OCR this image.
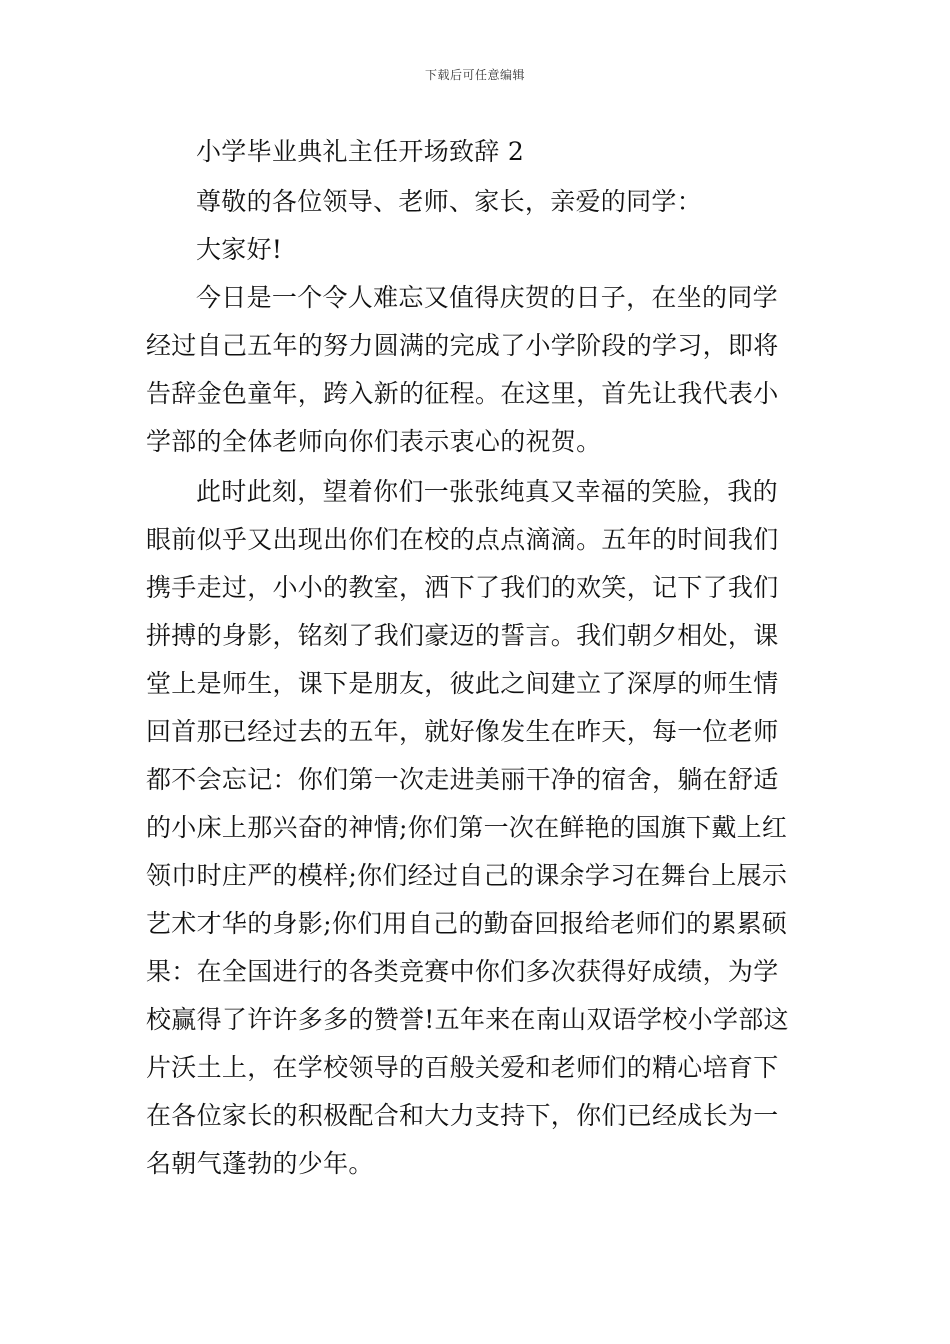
下载后可任意编辑
小学毕业典礼主任开场致辞 2
尊敬的各位领导、老师、家长，亲爱的同学：
大家好!
今日是一个令人难忘又值得庆贺的日子，在坐的同学
经过自己五年的努力圆满的完成了小学阶段的学习，即将
告辞金色童年，跨入新的征程。在这里，首先让我代表小
学部的全体老师向你们表示衷心的祝贺。
此时此刻，望着你们一张张纯真又幸福的笑脸，我的
眼前似乎又出现出你们在校的点点滴滴。五年的时间我们
携手走过，小小的教室，洒下了我们的欢笑，记下了我们
拼搏的身影，铭刻了我们豪迈的誓言。我们朝夕相处，课
堂上是师生，课下是朋友，彼此之间建立了深厚的师生情
回首那已经过去的五年，就好像发生在昨天，每一位老师
都不会忘记：你们第一次走进美丽干净的宿舍，躺在舒适
的小床上那兴奋的神情;你们第一次在鲜艳的国旗下戴上红
领巾时庄严的模样;你们经过自己的课余学习在舞台上展示
艺术才华的身影;你们用自己的勤奋回报给老师们的累累硕
果：在全国进行的各类竞赛中你们多次获得好成绩，为学
校赢得了许许多多的赞誉!五年来在南山双语学校小学部这
片沃土上，在学校领导的百般关爱和老师们的精心培育下
在各位家长的积极配合和大力支持下，你们已经成长为一
名朝气蓬勃的少年。
